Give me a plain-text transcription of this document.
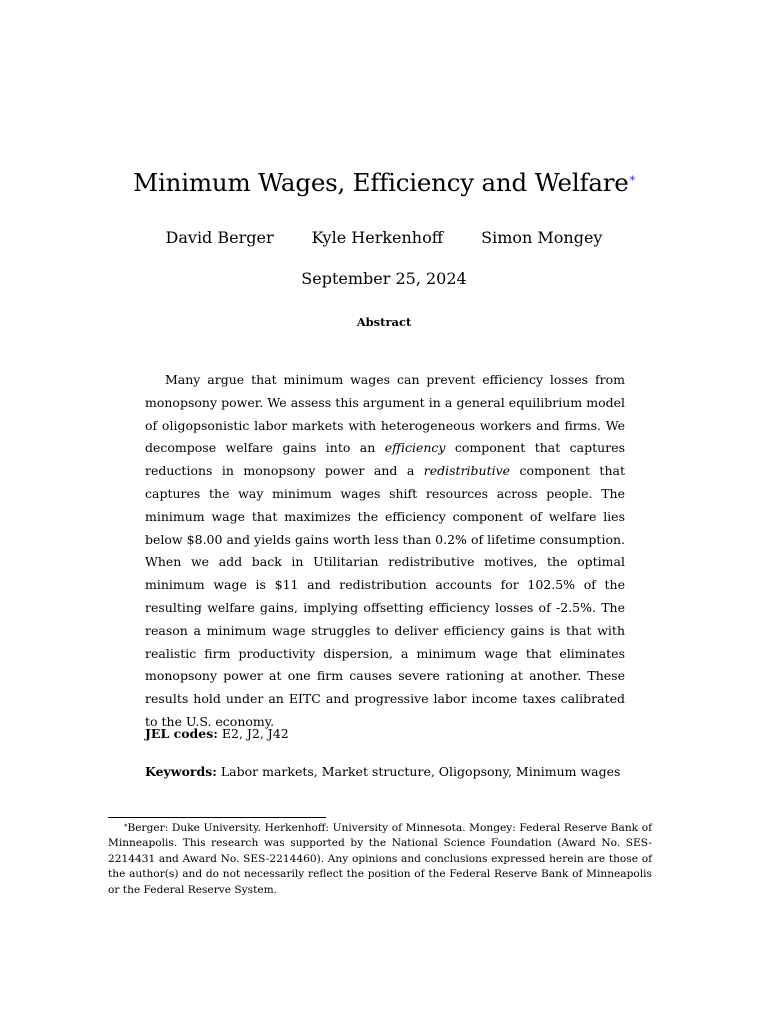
Minimum Wages, Efficiency and Welfare*
David Berger Kyle Herkenhoff Simon Mongey
September 25, 2024
Abstract

Many argue that minimum wages can prevent efficiency losses from monopsony power. We assess this argument in a general equilibrium model of oligopsonistic labor markets with heterogeneous workers and firms. We decompose welfare gains into an efficiency component that captures reductions in monopsony power and a redistributive component that captures the way minimum wages shift resources across people. The minimum wage that maximizes the efficiency component of welfare lies below $8.00 and yields gains worth less than 0.2% of lifetime consumption. When we add back in Utilitarian redistributive motives, the optimal minimum wage is $11 and redistribution accounts for 102.5% of the resulting welfare gains, implying offsetting efficiency losses of -2.5%. The reason a minimum wage struggles to deliver efficiency gains is that with realistic firm productivity dispersion, a minimum wage that eliminates monopsony power at one firm causes severe rationing at another. These results hold under an EITC and progressive labor income taxes calibrated to the U.S. economy.

JEL codes: E2, J2, J42
Keywords: Labor markets, Market structure, Oligopsony, Minimum wages

*Berger: Duke University. Herkenhoff: University of Minnesota. Mongey: Federal Reserve Bank of Minneapolis. This research was supported by the National Science Foundation (Award No. SES-2214431 and Award No. SES-2214460). Any opinions and conclusions expressed herein are those of the author(s) and do not necessarily reflect the position of the Federal Reserve Bank of Minneapolis or the Federal Reserve System.
